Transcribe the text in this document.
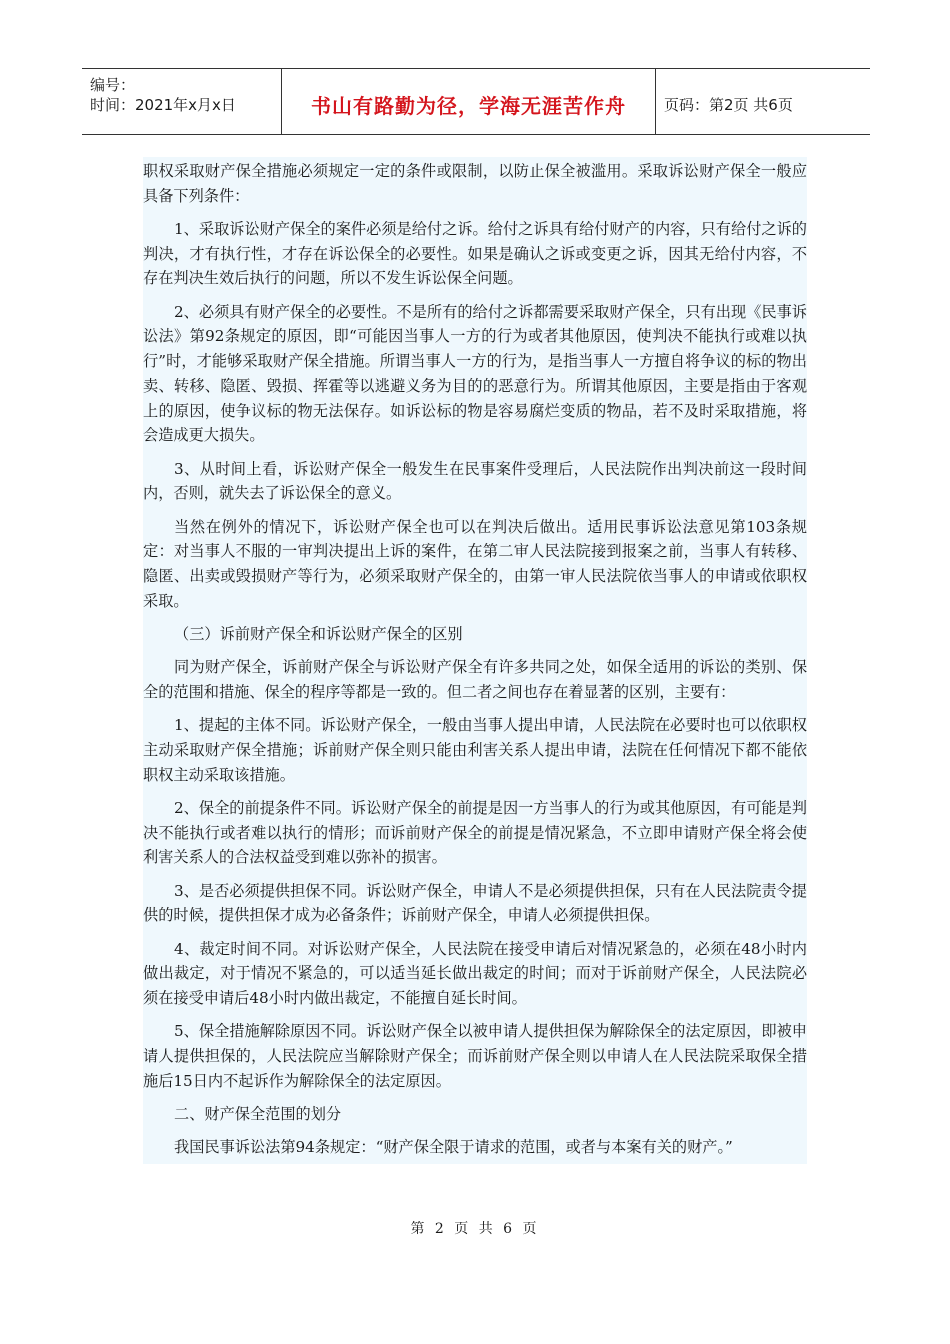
编号：
时间：2021年x月x日	书山有路勤为径，学海无涯苦作舟	页码：第2页 共6页

职权采取财产保全措施必须规定一定的条件或限制，以防止保全被滥用。采取诉讼财产保全一般应具备下列条件：

1、采取诉讼财产保全的案件必须是给付之诉。给付之诉具有给付财产的内容，只有给付之诉的判决，才有执行性，才存在诉讼保全的必要性。如果是确认之诉或变更之诉，因其无给付内容，不存在判决生效后执行的问题，所以不发生诉讼保全问题。

2、必须具有财产保全的必要性。不是所有的给付之诉都需要采取财产保全，只有出现《民事诉讼法》第92条规定的原因，即“可能因当事人一方的行为或者其他原因，使判决不能执行或难以执行”时，才能够采取财产保全措施。所谓当事人一方的行为，是指当事人一方擅自将争议的标的物出卖、转移、隐匿、毁损、挥霍等以逃避义务为目的的恶意行为。所谓其他原因，主要是指由于客观上的原因，使争议标的物无法保存。如诉讼标的物是容易腐烂变质的物品，若不及时采取措施，将会造成更大损失。

3、从时间上看，诉讼财产保全一般发生在民事案件受理后，人民法院作出判决前这一段时间内，否则，就失去了诉讼保全的意义。

当然在例外的情况下，诉讼财产保全也可以在判决后做出。适用民事诉讼法意见第103条规定：对当事人不服的一审判决提出上诉的案件，在第二审人民法院接到报案之前，当事人有转移、隐匿、出卖或毁损财产等行为，必须采取财产保全的，由第一审人民法院依当事人的申请或依职权采取。

（三）诉前财产保全和诉讼财产保全的区别

同为财产保全，诉前财产保全与诉讼财产保全有许多共同之处，如保全适用的诉讼的类别、保全的范围和措施、保全的程序等都是一致的。但二者之间也存在着显著的区别，主要有：

1、提起的主体不同。诉讼财产保全，一般由当事人提出申请，人民法院在必要时也可以依职权主动采取财产保全措施；诉前财产保全则只能由利害关系人提出申请，法院在任何情况下都不能依职权主动采取该措施。

2、保全的前提条件不同。诉讼财产保全的前提是因一方当事人的行为或其他原因，有可能是判决不能执行或者难以执行的情形；而诉前财产保全的前提是情况紧急，不立即申请财产保全将会使利害关系人的合法权益受到难以弥补的损害。

3、是否必须提供担保不同。诉讼财产保全，申请人不是必须提供担保，只有在人民法院责令提供的时候，提供担保才成为必备条件；诉前财产保全，申请人必须提供担保。

4、裁定时间不同。对诉讼财产保全，人民法院在接受申请后对情况紧急的，必须在48小时内做出裁定，对于情况不紧急的，可以适当延长做出裁定的时间；而对于诉前财产保全，人民法院必须在接受申请后48小时内做出裁定，不能擅自延长时间。

5、保全措施解除原因不同。诉讼财产保全以被申请人提供担保为解除保全的法定原因，即被申请人提供担保的，人民法院应当解除财产保全；而诉前财产保全则以申请人在人民法院采取保全措施后15日内不起诉作为解除保全的法定原因。

二、财产保全范围的划分

我国民事诉讼法第94条规定：“财产保全限于请求的范围，或者与本案有关的财产。”

第 2 页 共 6 页
